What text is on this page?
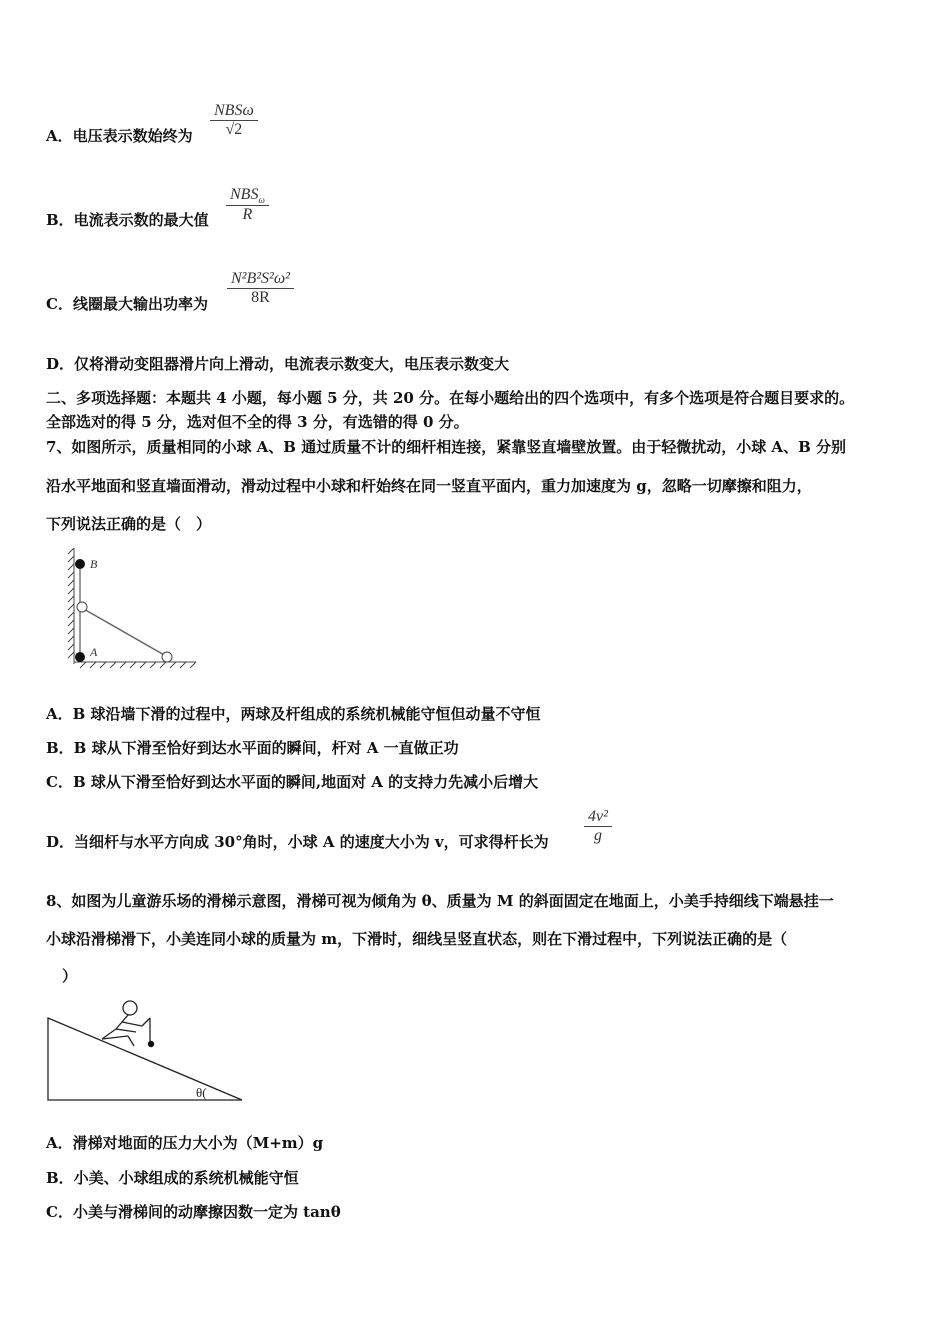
A．电压表示数始终为
NBSω
√2
B．电流表示数的最大值
$NBS_\omega$
R
C．线圈最大输出功率为
N²B²S²ω²
8R
D．仅将滑动变阻器滑片向上滑动，电流表示数变大，电压表示数变大
二、多项选择题：本题共 4 小题，每小题 5 分，共 20 分。在每小题给出的四个选项中，有多个选项是符合题目要求的。
全部选对的得 5 分，选对但不全的得 3 分，有选错的得 0 分。
7、如图所示，质量相同的小球 A、B 通过质量不计的细杆相连接，紧靠竖直墙壁放置。由于轻微扰动，小球 A、B 分别
沿水平地面和竖直墙面滑动，滑动过程中小球和杆始终在同一竖直平面内，重力加速度为 g，忽略一切摩擦和阻力，
下列说法正确的是（　）
B
A
A．B 球沿墙下滑的过程中，两球及杆组成的系统机械能守恒但动量不守恒
B．B 球从下滑至恰好到达水平面的瞬间，杆对 A 一直做正功
C．B 球从下滑至恰好到达水平面的瞬间,地面对 A 的支持力先减小后增大
D．当细杆与水平方向成 30°角时，小球 A 的速度大小为 v，可求得杆长为
4v²
g
8、如图为儿童游乐场的滑梯示意图，滑梯可视为倾角为 θ、质量为 M 的斜面固定在地面上，小美手持细线下端悬挂一
小球沿滑梯滑下，小美连同小球的质量为 m，下滑时，细线呈竖直状态，则在下滑过程中，下列说法正确的是（
）
θ(
A．滑梯对地面的压力大小为（M+m）g
B．小美、小球组成的系统机械能守恒
C．小美与滑梯间的动摩擦因数一定为 tanθ
